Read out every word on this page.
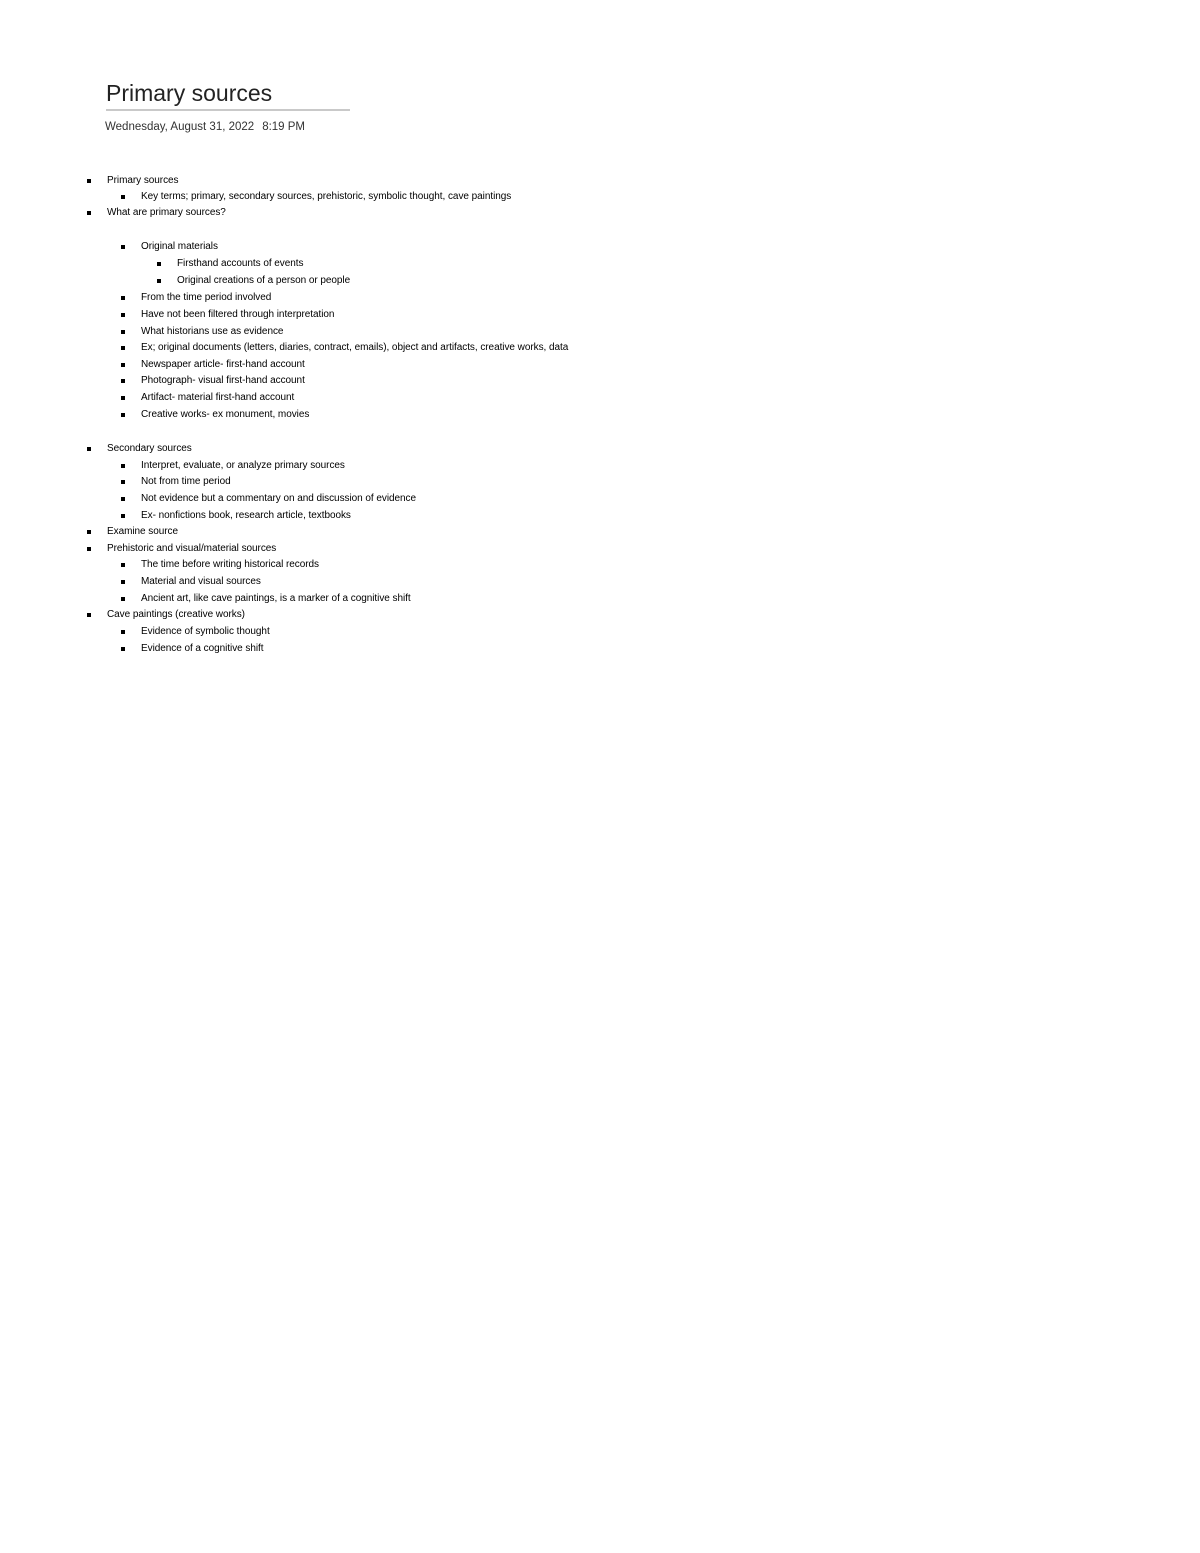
Primary sources
Wednesday, August 31, 2022 8:19 PM
Primary sources
Key terms; primary, secondary sources, prehistoric, symbolic thought, cave paintings
What are primary sources?
Original materials
Firsthand accounts of events
Original creations of a person or people
From the time period involved
Have not been filtered through interpretation
What historians use as evidence
Ex; original documents (letters, diaries, contract, emails), object and artifacts, creative works, data
Newspaper article- first-hand account
Photograph- visual first-hand account
Artifact- material first-hand account
Creative works- ex monument, movies
Secondary sources
Interpret, evaluate, or analyze primary sources
Not from time period
Not evidence but a commentary on and discussion of evidence
Ex- nonfictions book, research article, textbooks
Examine source
Prehistoric and visual/material sources
The time before writing historical records
Material and visual sources
Ancient art, like cave paintings, is a marker of a cognitive shift
Cave paintings (creative works)
Evidence of symbolic thought
Evidence of a cognitive shift
